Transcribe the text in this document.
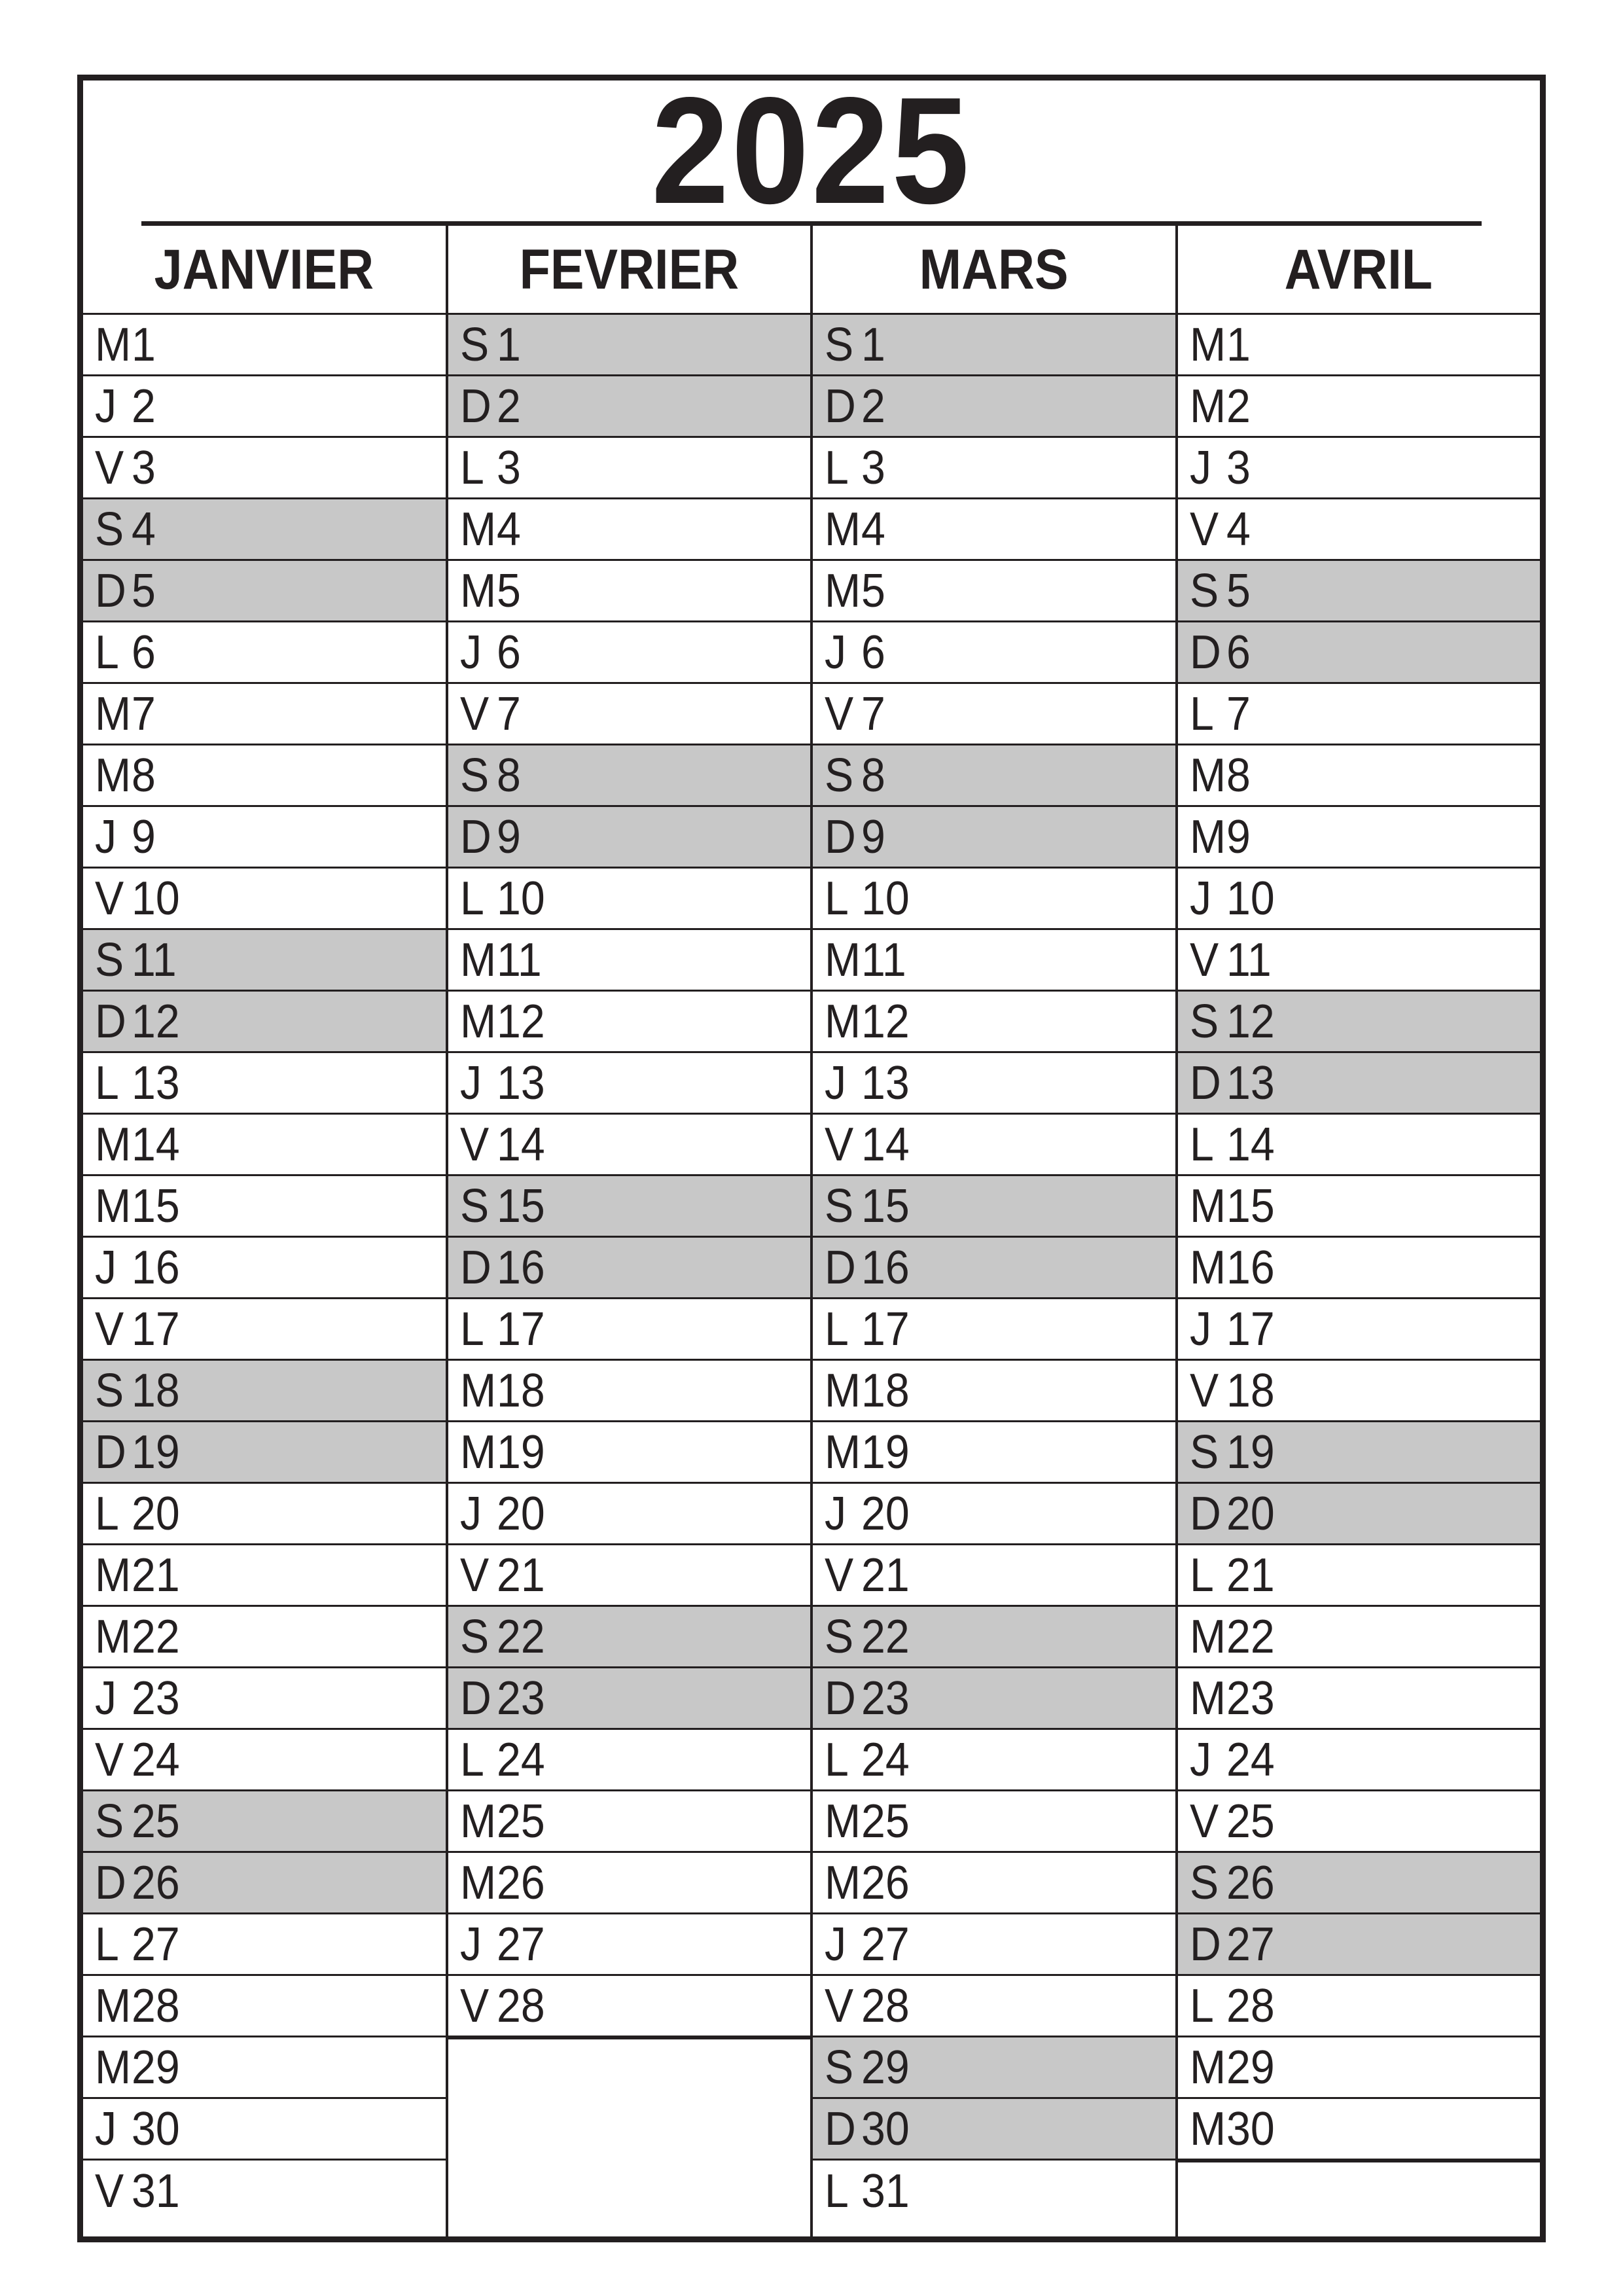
2025
JANVIER
M 1
J 2
V 3
S 4
D 5
L 6
M 7
M 8
J 9
V 10
S 11
D 12
L 13
M 14
M 15
J 16
V 17
S 18
D 19
L 20
M 21
M 22
J 23
V 24
S 25
D 26
L 27
M 28
M 29
J 30
V 31
FEVRIER
S 1
D 2
L 3
M 4
M 5
J 6
V 7
S 8
D 9
L 10
M 11
M 12
J 13
V 14
S 15
D 16
L 17
M 18
M 19
J 20
V 21
S 22
D 23
L 24
M 25
M 26
J 27
V 28
MARS
S 1
D 2
L 3
M 4
M 5
J 6
V 7
S 8
D 9
L 10
M 11
M 12
J 13
V 14
S 15
D 16
L 17
M 18
M 19
J 20
V 21
S 22
D 23
L 24
M 25
M 26
J 27
V 28
S 29
D 30
L 31
AVRIL
M 1
M 2
J 3
V 4
S 5
D 6
L 7
M 8
M 9
J 10
V 11
S 12
D 13
L 14
M 15
M 16
J 17
V 18
S 19
D 20
L 21
M 22
M 23
J 24
V 25
S 26
D 27
L 28
M 29
M 30
